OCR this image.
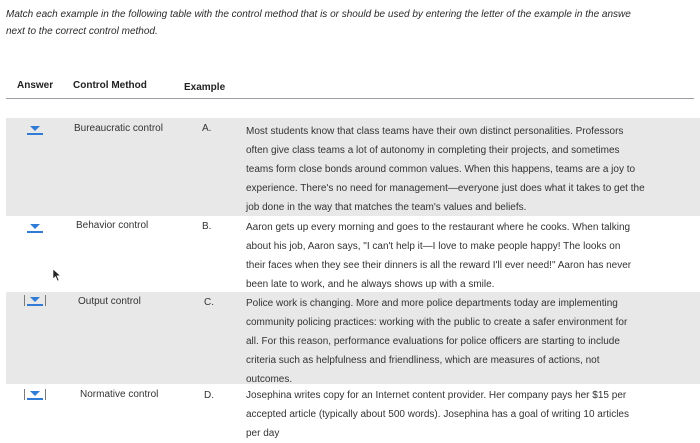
Match each example in the following table with the control method that is or should be used by entering the letter of the example in the answe
next to the correct control method.
Answer Control Method	Example
Bureaucratic control	A.	Most students know that class teams have their own distinct personalities. Professors
often give class teams a lot of autonomy in completing their projects, and sometimes
teams form close bonds around common values. When this happens, teams are a joy to
experience. There's no need for management—everyone just does what it takes to get the
job done in the way that matches the team's values and beliefs.
Behavior control	B.	Aaron gets up every morning and goes to the restaurant where he cooks. When talking
about his job, Aaron says, "I can't help it—I love to make people happy! The looks on
their faces when they see their dinners is all the reward I'll ever need!" Aaron has never
been late to work, and he always shows up with a smile.
Output control	C.	Police work is changing. More and more police departments today are implementing
community policing practices: working with the public to create a safer environment for
all. For this reason, performance evaluations for police officers are starting to include
criteria such as helpfulness and friendliness, which are measures of actions, not
outcomes.
Normative control	D.	Josephina writes copy for an Internet content provider. Her company pays her $15 per
accepted article (typically about 500 words). Josephina has a goal of writing 10 articles
per day
